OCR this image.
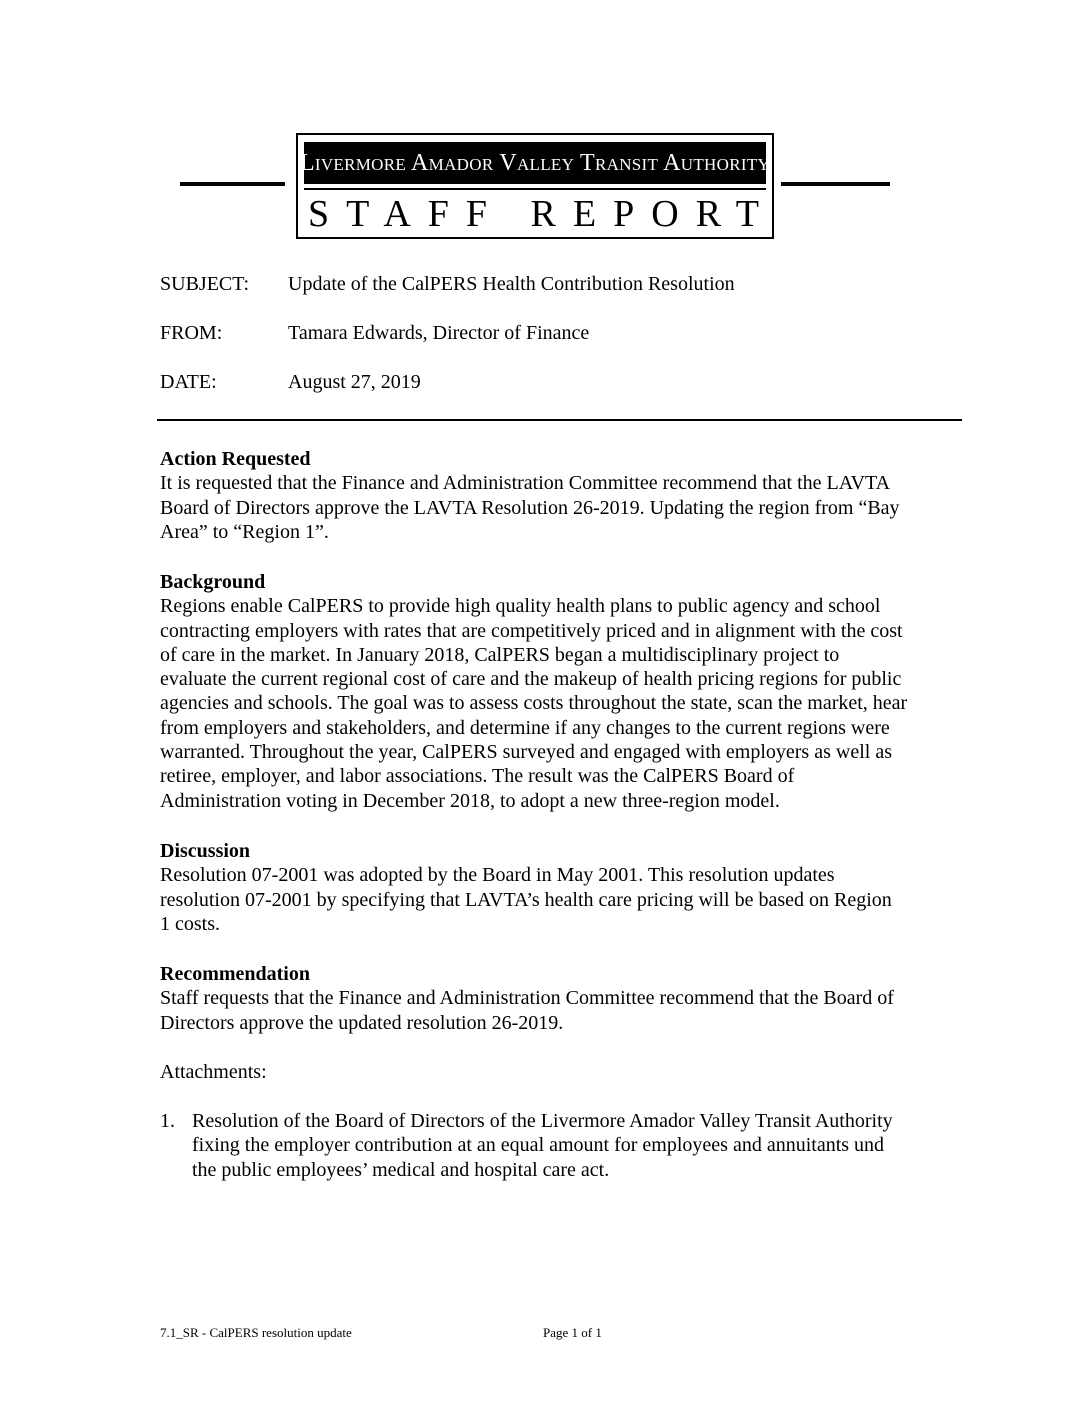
Livermore Amador Valley Transit Authority
STAFF REPORT
SUBJECT: Update of the CalPERS Health Contribution Resolution
FROM:	Tamara Edwards, Director of Finance
DATE:	August 27, 2019
Action Requested

It is requested that the Finance and Administration Committee recommend that the LAVTA
Board of Directors approve the LAVTA Resolution 26-2019. Updating the region from “Bay
Area” to “Region 1”.

Background

Regions enable CalPERS to provide high quality health plans to public agency and school
contracting employers with rates that are competitively priced and in alignment with the cost
of care in the market. In January 2018, CalPERS began a multidisciplinary project to
evaluate the current regional cost of care and the makeup of health pricing regions for public
agencies and schools. The goal was to assess costs throughout the state, scan the market, hear
from employers and stakeholders, and determine if any changes to the current regions were
warranted. Throughout the year, CalPERS surveyed and engaged with employers as well as
retiree, employer, and labor associations. The result was the CalPERS Board of
Administration voting in December 2018, to adopt a new three-region model.

Discussion

Resolution 07-2001 was adopted by the Board in May 2001. This resolution updates
resolution 07-2001 by specifying that LAVTA’s health care pricing will be based on Region
1 costs.

Recommendation

Staff requests that the Finance and Administration Committee recommend that the Board of
Directors approve the updated resolution 26-2019.

Attachments:

1. Resolution of the Board of Directors of the Livermore Amador Valley Transit Authority
fixing the employer contribution at an equal amount for employees and annuitants und
the public employees’ medical and hospital care act.
7.1_SR - CalPERS resolution update	Page 1 of 1
